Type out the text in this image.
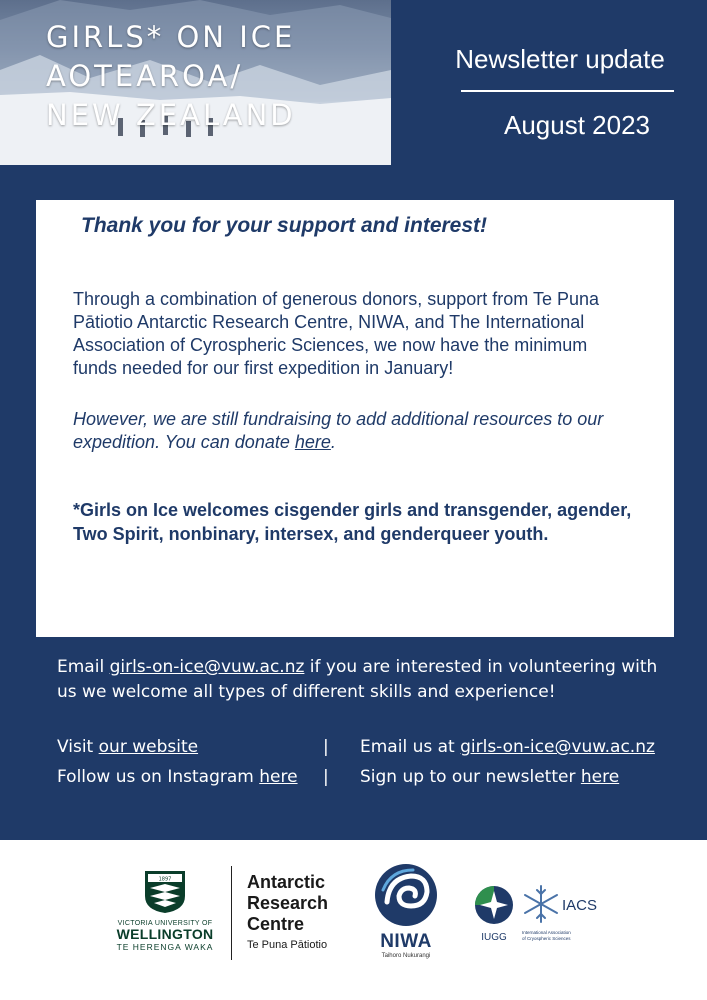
GIRLS* ON ICE
AOTEAROA/
NEW ZEALAND
Newsletter update
August 2023
Thank you for your support and interest!
Through a combination of generous donors, support from Te Puna Pātiotio Antarctic Research Centre, NIWA, and The International Association of Cyrospheric Sciences, we now have the minimum funds needed for our first expedition in January!
However, we are still fundraising to add additional resources to our expedition. You can donate here.
*Girls on Ice welcomes cisgender girls and transgender, agender, Two Spirit, nonbinary, intersex, and genderqueer youth.
Email girls-on-ice@vuw.ac.nz if you are interested in volunteering with us we welcome all types of different skills and experience!
Visit our website	| Email us at girls-on-ice@vuw.ac.nz
Follow us on Instagram here | Sign up to our newsletter here
1897
VICTORIA UNIVERSITY OF
WELLINGTON
TE HERENGA WAKA
Antarctic
Research
Centre
Te Puna Pātiotio	NIWA
Taihoro Nukurangi
IUGG
IACS
International Association
of Cryospheric Sciences
